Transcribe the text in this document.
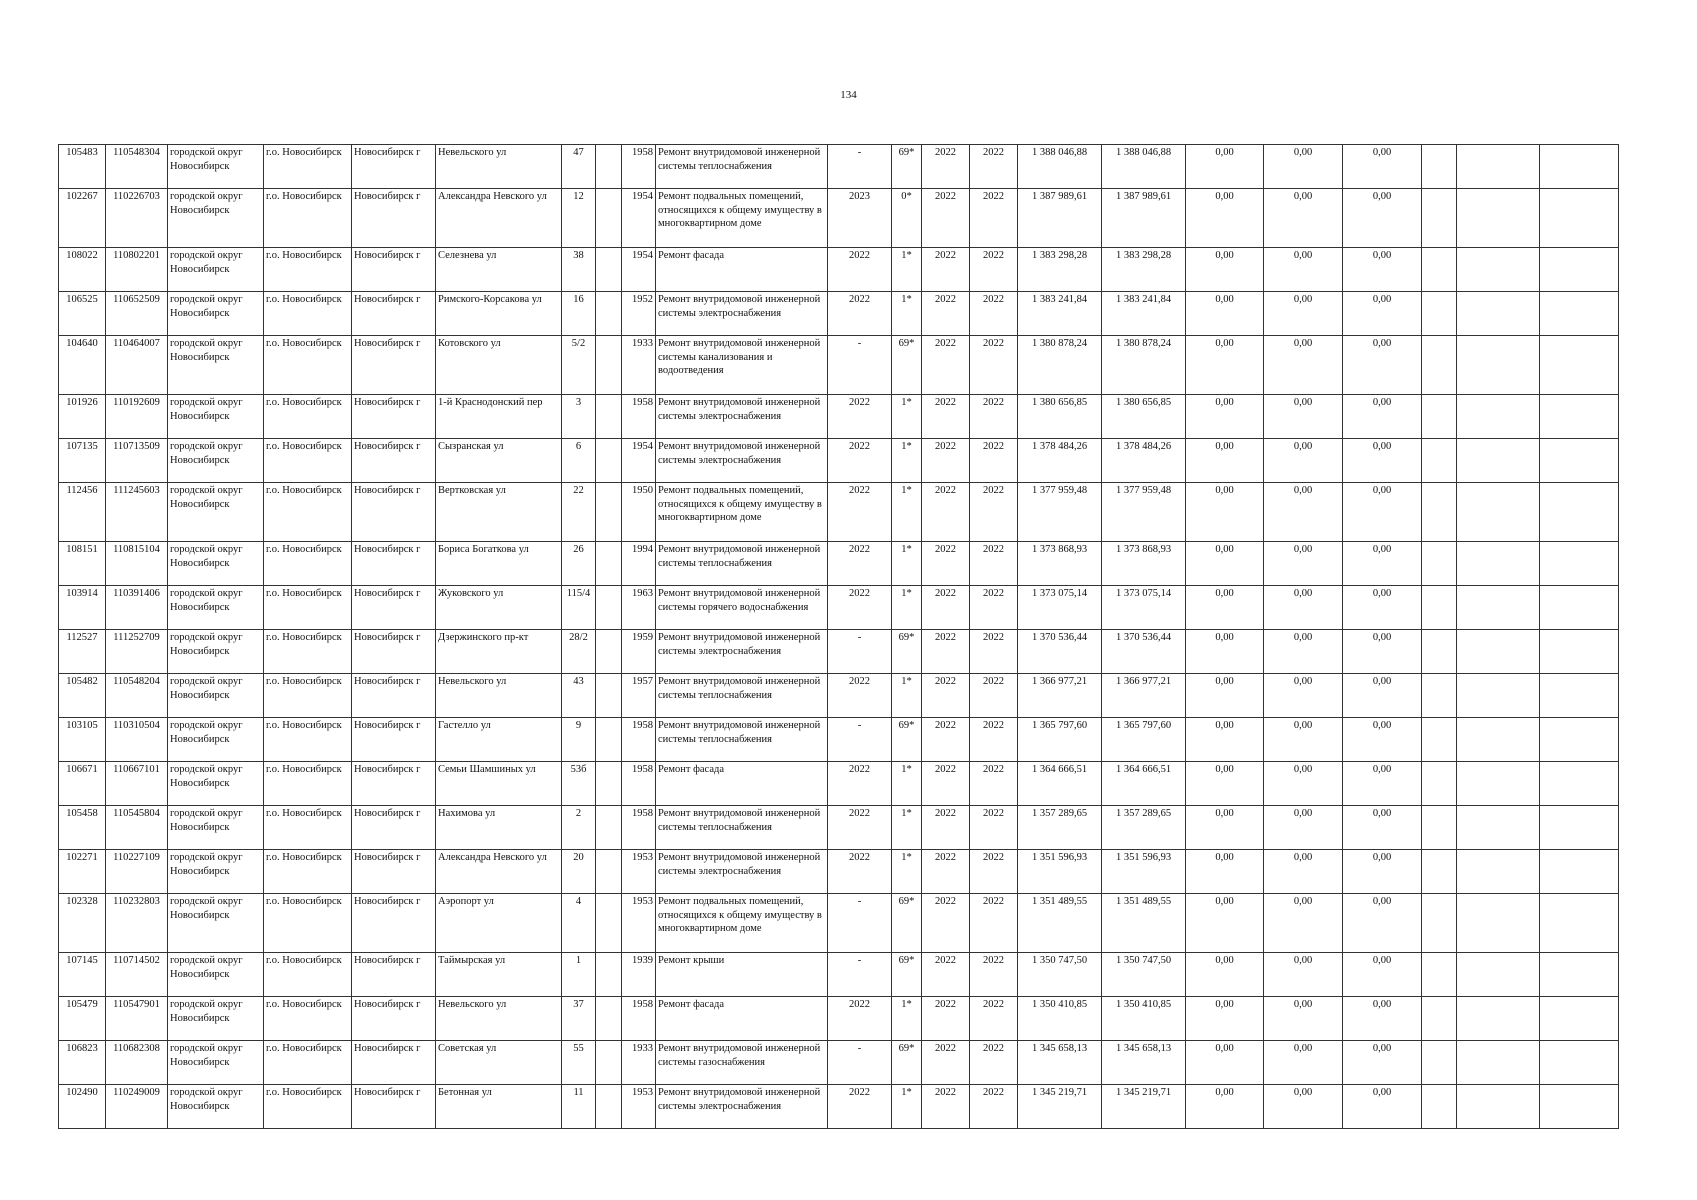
134
105483	110548304	городской округ Новосибирск	г.о. Новосибирск	Новосибирск г	Невельского ул	47		1958	Ремонт внутридомовой инженерной системы теплоснабжения	-	69*	2022	2022	1 388 046,88	1 388 046,88	0,00	0,00	0,00			
102267	110226703	городской округ Новосибирск	г.о. Новосибирск	Новосибирск г	Александра Невского ул	12		1954	Ремонт подвальных помещений, относящихся к общему имуществу в многоквартирном доме	2023	0*	2022	2022	1 387 989,61	1 387 989,61	0,00	0,00	0,00			
108022	110802201	городской округ Новосибирск	г.о. Новосибирск	Новосибирск г	Селезнева ул	38		1954	Ремонт фасада	2022	1*	2022	2022	1 383 298,28	1 383 298,28	0,00	0,00	0,00			
106525	110652509	городской округ Новосибирск	г.о. Новосибирск	Новосибирск г	Римского-Корсакова ул	16		1952	Ремонт внутридомовой инженерной системы электроснабжения	2022	1*	2022	2022	1 383 241,84	1 383 241,84	0,00	0,00	0,00			
104640	110464007	городской округ Новосибирск	г.о. Новосибирск	Новосибирск г	Котовского ул	5/2		1933	Ремонт внутридомовой инженерной системы канализования и водоотведения	-	69*	2022	2022	1 380 878,24	1 380 878,24	0,00	0,00	0,00			
101926	110192609	городской округ Новосибирск	г.о. Новосибирск	Новосибирск г	1-й Краснодонский пер	3		1958	Ремонт внутридомовой инженерной системы электроснабжения	2022	1*	2022	2022	1 380 656,85	1 380 656,85	0,00	0,00	0,00			
107135	110713509	городской округ Новосибирск	г.о. Новосибирск	Новосибирск г	Сызранская ул	6		1954	Ремонт внутридомовой инженерной системы электроснабжения	2022	1*	2022	2022	1 378 484,26	1 378 484,26	0,00	0,00	0,00			
112456	111245603	городской округ Новосибирск	г.о. Новосибирск	Новосибирск г	Вертковская ул	22		1950	Ремонт подвальных помещений, относящихся к общему имуществу в многоквартирном доме	2022	1*	2022	2022	1 377 959,48	1 377 959,48	0,00	0,00	0,00			
108151	110815104	городской округ Новосибирск	г.о. Новосибирск	Новосибирск г	Бориса Богаткова ул	26		1994	Ремонт внутридомовой инженерной системы теплоснабжения	2022	1*	2022	2022	1 373 868,93	1 373 868,93	0,00	0,00	0,00			
103914	110391406	городской округ Новосибирск	г.о. Новосибирск	Новосибирск г	Жуковского ул	115/4		1963	Ремонт внутридомовой инженерной системы горячего водоснабжения	2022	1*	2022	2022	1 373 075,14	1 373 075,14	0,00	0,00	0,00			
112527	111252709	городской округ Новосибирск	г.о. Новосибирск	Новосибирск г	Дзержинского пр-кт	28/2		1959	Ремонт внутридомовой инженерной системы электроснабжения	-	69*	2022	2022	1 370 536,44	1 370 536,44	0,00	0,00	0,00			
105482	110548204	городской округ Новосибирск	г.о. Новосибирск	Новосибирск г	Невельского ул	43		1957	Ремонт внутридомовой инженерной системы теплоснабжения	2022	1*	2022	2022	1 366 977,21	1 366 977,21	0,00	0,00	0,00			
103105	110310504	городской округ Новосибирск	г.о. Новосибирск	Новосибирск г	Гастелло ул	9		1958	Ремонт внутридомовой инженерной системы теплоснабжения	-	69*	2022	2022	1 365 797,60	1 365 797,60	0,00	0,00	0,00			
106671	110667101	городской округ Новосибирск	г.о. Новосибирск	Новосибирск г	Семьи Шамшиных ул	53б		1958	Ремонт фасада	2022	1*	2022	2022	1 364 666,51	1 364 666,51	0,00	0,00	0,00			
105458	110545804	городской округ Новосибирск	г.о. Новосибирск	Новосибирск г	Нахимова ул	2		1958	Ремонт внутридомовой инженерной системы теплоснабжения	2022	1*	2022	2022	1 357 289,65	1 357 289,65	0,00	0,00	0,00			
102271	110227109	городской округ Новосибирск	г.о. Новосибирск	Новосибирск г	Александра Невского ул	20		1953	Ремонт внутридомовой инженерной системы электроснабжения	2022	1*	2022	2022	1 351 596,93	1 351 596,93	0,00	0,00	0,00			
102328	110232803	городской округ Новосибирск	г.о. Новосибирск	Новосибирск г	Аэропорт ул	4		1953	Ремонт подвальных помещений, относящихся к общему имуществу в многоквартирном доме	-	69*	2022	2022	1 351 489,55	1 351 489,55	0,00	0,00	0,00			
107145	110714502	городской округ Новосибирск	г.о. Новосибирск	Новосибирск г	Таймырская ул	1		1939	Ремонт крыши	-	69*	2022	2022	1 350 747,50	1 350 747,50	0,00	0,00	0,00			
105479	110547901	городской округ Новосибирск	г.о. Новосибирск	Новосибирск г	Невельского ул	37		1958	Ремонт фасада	2022	1*	2022	2022	1 350 410,85	1 350 410,85	0,00	0,00	0,00			
106823	110682308	городской округ Новосибирск	г.о. Новосибирск	Новосибирск г	Советская ул	55		1933	Ремонт внутридомовой инженерной системы газоснабжения	-	69*	2022	2022	1 345 658,13	1 345 658,13	0,00	0,00	0,00			
102490	110249009	городской округ Новосибирск	г.о. Новосибирск	Новосибирск г	Бетонная ул	11		1953	Ремонт внутридомовой инженерной системы электроснабжения	2022	1*	2022	2022	1 345 219,71	1 345 219,71	0,00	0,00	0,00			
